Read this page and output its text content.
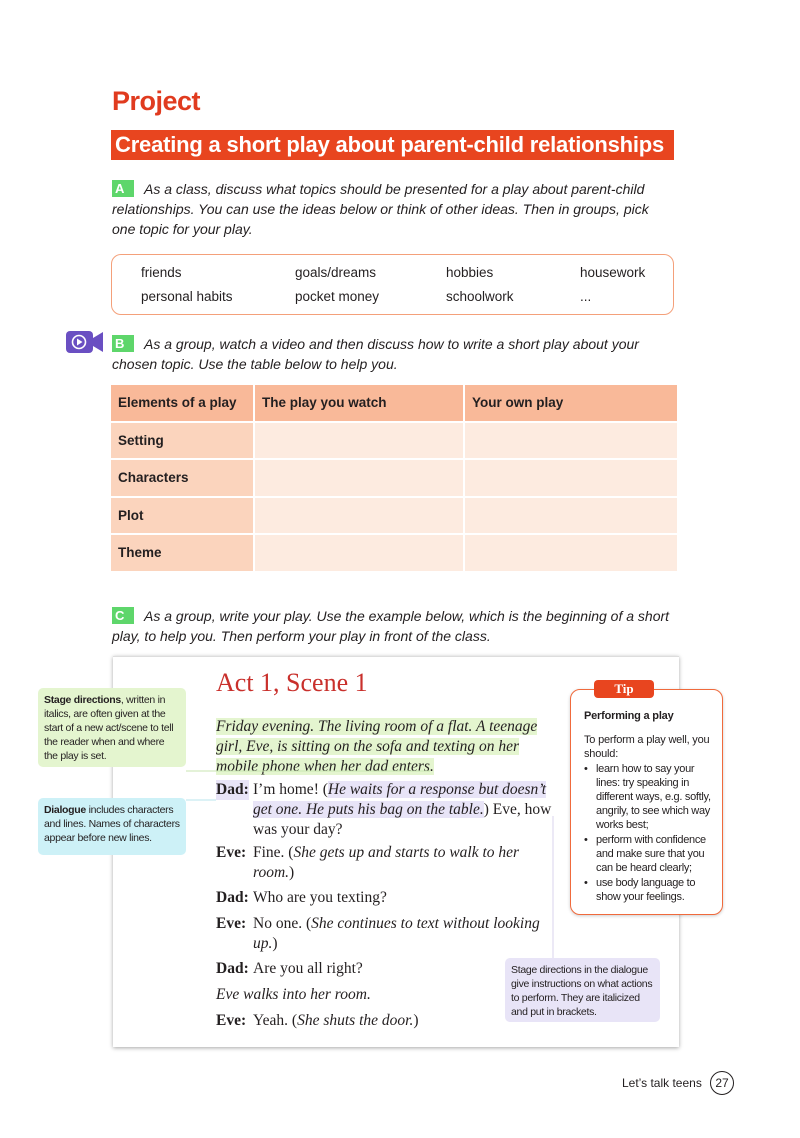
Project
Creating a short play about parent-child relationships
A As a class, discuss what topics should be presented for a play about parent-child relationships. You can use the ideas below or think of other ideas. Then in groups, pick one topic for your play.
friends	goals/dreams	hobbies	housework
personal habits	pocket money	schoolwork	...
B As a group, watch a video and then discuss how to write a short play about your chosen topic. Use the table below to help you.
Elements of a play	The play you watch	Your own play
Setting		
Characters		
Plot		
Theme		
C As a group, write your play. Use the example below, which is the beginning of a short play, to help you. Then perform your play in front of the class.
Act 1, Scene 1
Friday evening. The living room of a flat. A teenage
girl, Eve, is sitting on the sofa and texting on her
mobile phone when her dad enters.
Dad: I’m home! (He waits for a response but doesn’t
get one. He puts his bag on the table.) Eve, how
was your day?
Eve: Fine. (She gets up and starts to walk to her
room.)
Dad: Who are you texting?
Eve: No one. (She continues to text without looking
up.)
Dad: Are you all right?
Eve walks into her room.
Eve: Yeah. (She shuts the door.)
Stage directions, written in italics, are often given at the start of a new act/scene to tell the reader when and where the play is set.
Dialogue includes characters and lines. Names of characters appear before new lines.
Stage directions in the dialogue give instructions on what actions to perform. They are italicized and put in brackets.
Tip
Performing a play
To perform a play well, you should:
• learn how to say your lines: try speaking in different ways, e.g. softly, angrily, to see which way works best;
• perform with confidence and make sure that you can be heard clearly;
• use body language to show your feelings.
Let’s talk teens	27
